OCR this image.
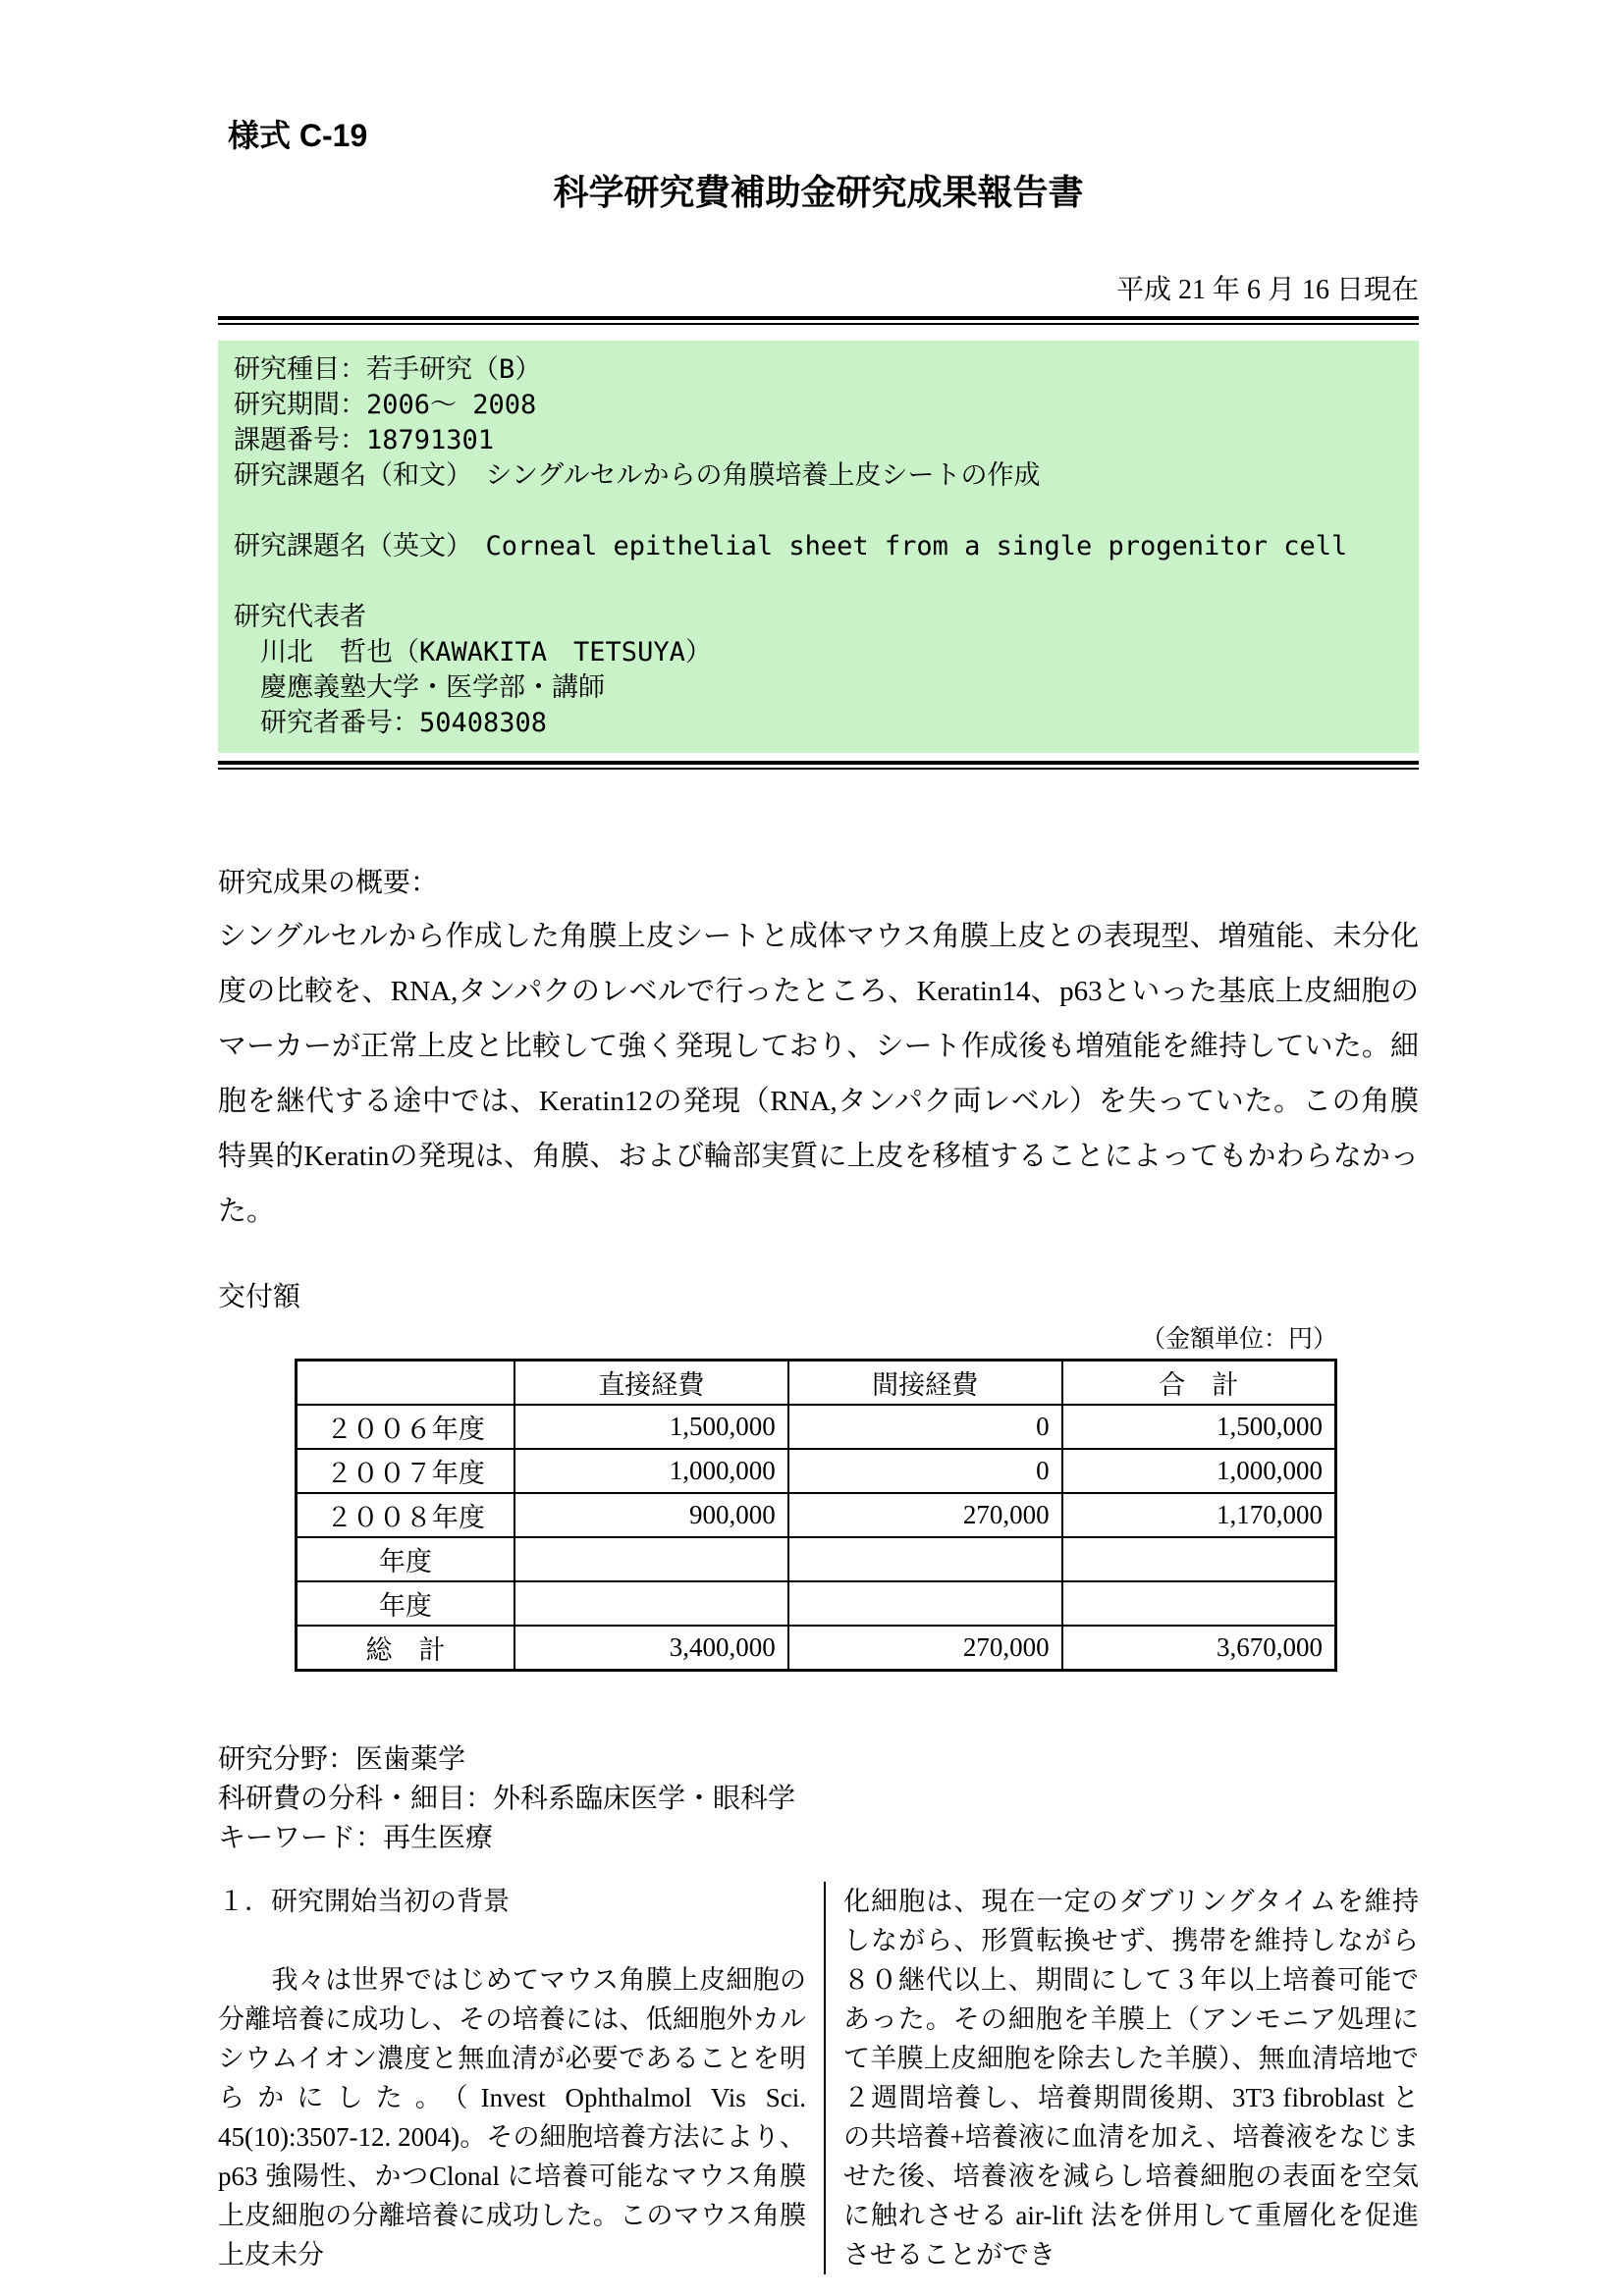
様式 C-19
科学研究費補助金研究成果報告書
平成 21 年 6 月 16 日現在
研究種目：若手研究（B）
研究期間：2006～ 2008
課題番号：18791301
研究課題名（和文）　シングルセルからの角膜培養上皮シートの作成
研究課題名（英文）　Corneal epithelial sheet from a single progenitor cell
研究代表者
　川北　哲也（KAWAKITA　TETSUYA）
　慶應義塾大学・医学部・講師
　研究者番号：50408308
研究成果の概要：

シングルセルから作成した角膜上皮シートと成体マウス角膜上皮との表現型、増殖能、未分化度の比較を、RNA,タンパクのレベルで行ったところ、Keratin14、p63といった基底上皮細胞のマーカーが正常上皮と比較して強く発現しており、シート作成後も増殖能を維持していた。細胞を継代する途中では、Keratin12の発現（RNA,タンパク両レベル）を失っていた。この角膜特異的Keratinの発現は、角膜、および輪部実質に上皮を移植することによってもかわらなかった。

交付額
（金額単位：円）
	直接経費	間接経費	合　計
２００６年度	1,500,000	0	1,500,000
２００７年度	1,000,000	0	1,000,000
２００８年度	900,000	270,000	1,170,000
年度			
年度			
総　計	3,400,000	270,000	3,670,000
研究分野：医歯薬学
科研費の分科・細目：外科系臨床医学・眼科学
キーワード：再生医療
１．研究開始当初の背景

　　我々は世界ではじめてマウス角膜上皮細胞の分離培養に成功し、その培養には、低細胞外カルシウムイオン濃度と無血清が必要であることを明らかにした。（Invest Ophthalmol Vis Sci. 45(10):3507-12. 2004)。その細胞培養方法により、p63 強陽性、かつClonal に培養可能なマウス角膜上皮細胞の分離培養に成功した。このマウス角膜上皮未分

化細胞は、現在一定のダブリングタイムを維持しながら、形質転換せず、携帯を維持しながら８０継代以上、期間にして３年以上培養可能であった。その細胞を羊膜上（アンモニア処理にて羊膜上皮細胞を除去した羊膜）、無血清培地で２週間培養し、培養期間後期、3T3 fibroblast との共培養+培養液に血清を加え、培養液をなじませた後、培養液を減らし培養細胞の表面を空気に触れさせる air-lift 法を併用して重層化を促進させることができ
